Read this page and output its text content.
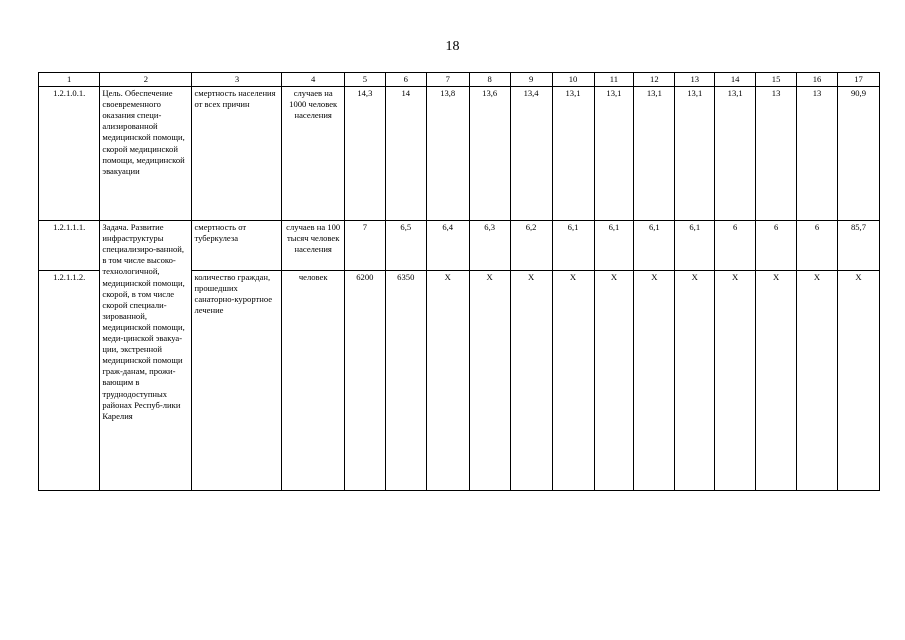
18
1	2	3	4	5	6	7	8	9	10	11	12	13	14	15	16	17
1.2.1.0.1.	Цель. Обеспечение своевременного оказания специ-ализированной медицинской помощи, скорой медицинской помощи, медицинской эвакуации	смертность населения от всех причин	случаев на 1000 человек населения	14,3	14	13,8	13,6	13,4	13,1	13,1	13,1	13,1	13,1	13	13	90,9
1.2.1.1.1.	Задача. Развитие инфраструктуры специализиро-ванной, в том числе высоко-технологичной, медицинской помощи, скорой, в том числе скорой специали-зированной, медицинской помощи, меди-цинской эвакуа-ции, экстренной медицинской помощи граж-данам, прожи-вающим в труднодоступных районах Респуб-лики Карелия	смертность от туберкулеза	случаев на 100 тысяч человек населения	7	6,5	6,4	6,3	6,2	6,1	6,1	6,1	6,1	6	6	6	85,7
1.2.1.1.2.		количество граждан, прошедших санаторно-курортное лечение	человек	6200	6350	Х	Х	Х	Х	Х	Х	Х	Х	Х	Х	Х
